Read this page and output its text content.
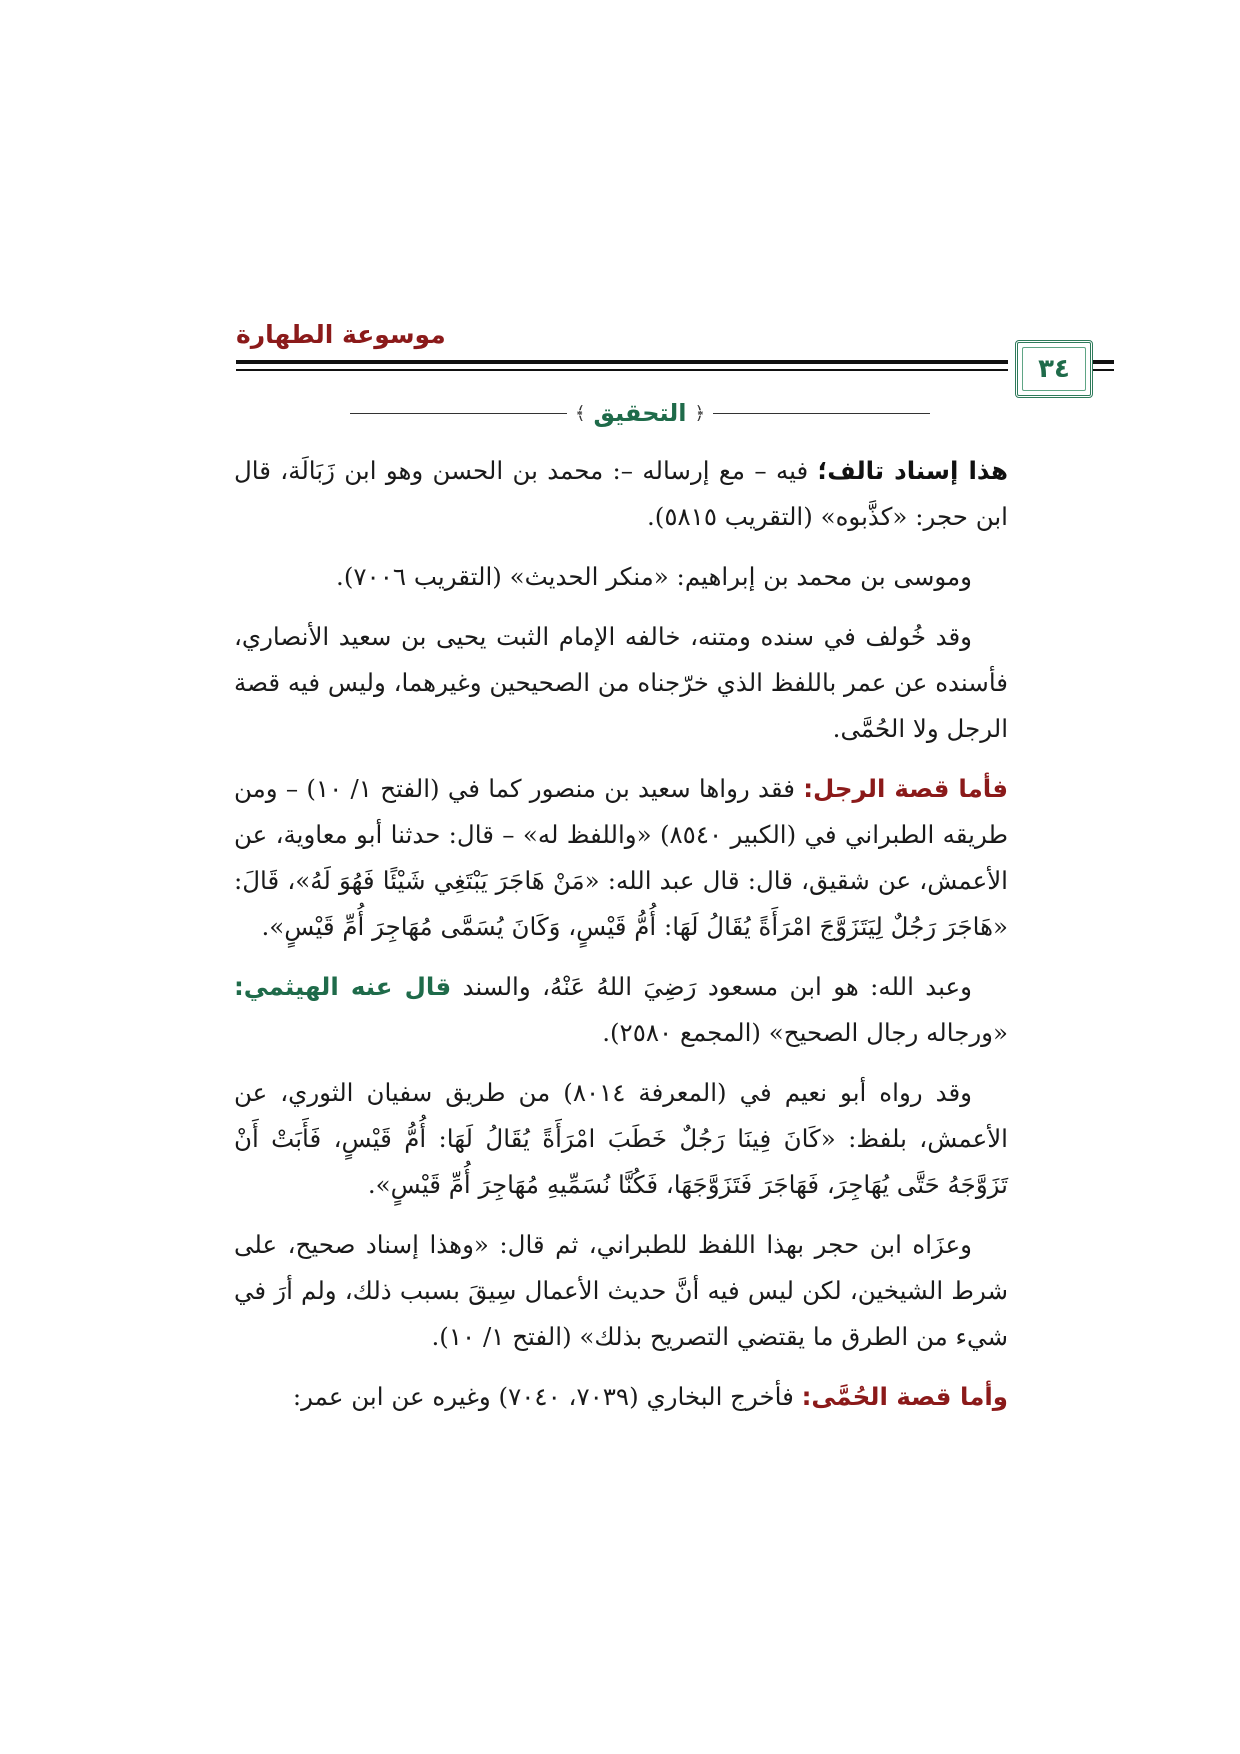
موسوعة الطهارة
٣٤
﴾ التحقيق ﴿

هذا إسناد تالف؛ فيه – مع إرساله –: محمد بن الحسن وهو ابن زَبَالَة، قال ابن حجر: «كذَّبوه» (التقريب ٥٨١٥).

وموسى بن محمد بن إبراهيم: «منكر الحديث» (التقريب ٧٠٠٦).

وقد خُولف في سنده ومتنه، خالفه الإمام الثبت يحيى بن سعيد الأنصاري، فأسنده عن عمر باللفظ الذي خرّجناه من الصحيحين وغيرهما، وليس فيه قصة الرجل ولا الحُمَّى.

فأما قصة الرجل: فقد رواها سعيد بن منصور كما في (الفتح ١/ ١٠) – ومن طريقه الطبراني في (الكبير ٨٥٤٠) «واللفظ له» – قال: حدثنا أبو معاوية، عن الأعمش، عن شقيق، قال: قال عبد الله: «مَنْ هَاجَرَ يَبْتَغِي شَيْئًا فَهُوَ لَهُ»، قَالَ: «هَاجَرَ رَجُلٌ لِيَتَزَوَّجَ امْرَأَةً يُقَالُ لَهَا: أُمُّ قَيْسٍ، وَكَانَ يُسَمَّى مُهَاجِرَ أُمِّ قَيْسٍ».

وعبد الله: هو ابن مسعود رَضِيَ اللهُ عَنْهُ، والسند قال عنه الهيثمي: «ورجاله رجال الصحيح» (المجمع ٢٥٨٠).

وقد رواه أبو نعيم في (المعرفة ٨٠١٤) من طريق سفيان الثوري، عن الأعمش، بلفظ: «كَانَ فِينَا رَجُلٌ خَطَبَ امْرَأَةً يُقَالُ لَهَا: أُمُّ قَيْسٍ، فَأَبَتْ أَنْ تَزَوَّجَهُ حَتَّى يُهَاجِرَ، فَهَاجَرَ فَتَزَوَّجَهَا، فَكُنَّا نُسَمِّيهِ مُهَاجِرَ أُمِّ قَيْسٍ».

وعزَاه ابن حجر بهذا اللفظ للطبراني، ثم قال: «وهذا إسناد صحيح، على شرط الشيخين، لكن ليس فيه أنَّ حديث الأعمال سِيقَ بسبب ذلك، ولم أرَ في شيء من الطرق ما يقتضي التصريح بذلك» (الفتح ١/ ١٠).

وأما قصة الحُمَّى: فأخرج البخاري (٧٠٣٩، ٧٠٤٠) وغيره عن ابن عمر:
